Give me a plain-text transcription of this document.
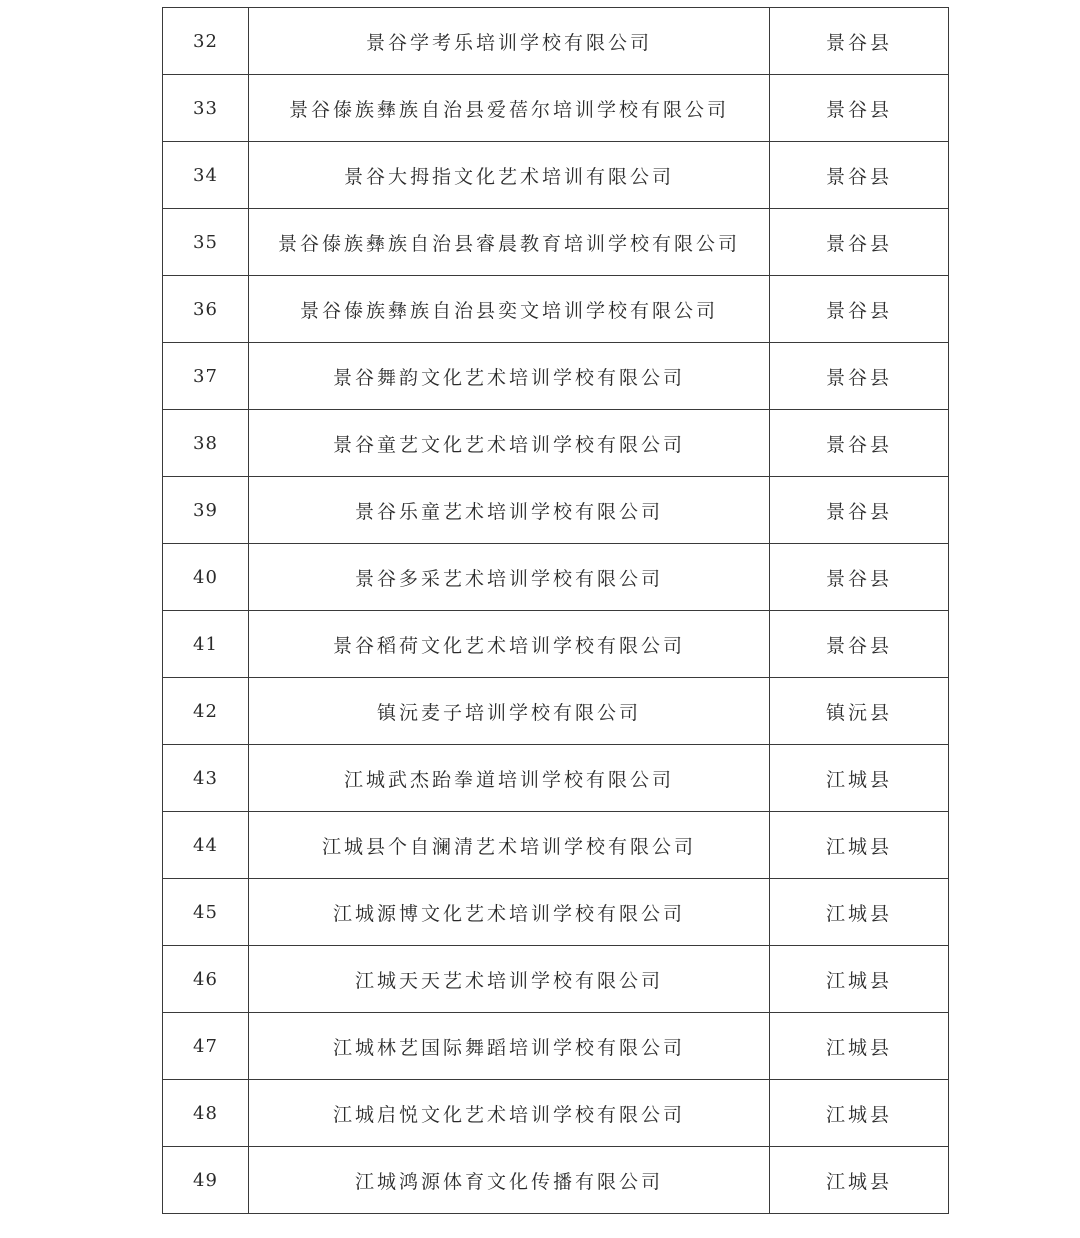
32	景谷学考乐培训学校有限公司	景谷县
33	景谷傣族彝族自治县爱蓓尔培训学校有限公司	景谷县
34	景谷大拇指文化艺术培训有限公司	景谷县
35	景谷傣族彝族自治县睿晨教育培训学校有限公司	景谷县
36	景谷傣族彝族自治县奕文培训学校有限公司	景谷县
37	景谷舞韵文化艺术培训学校有限公司	景谷县
38	景谷童艺文化艺术培训学校有限公司	景谷县
39	景谷乐童艺术培训学校有限公司	景谷县
40	景谷多采艺术培训学校有限公司	景谷县
41	景谷稻荷文化艺术培训学校有限公司	景谷县
42	镇沅麦子培训学校有限公司	镇沅县
43	江城武杰跆拳道培训学校有限公司	江城县
44	江城县个自澜清艺术培训学校有限公司	江城县
45	江城源博文化艺术培训学校有限公司	江城县
46	江城天天艺术培训学校有限公司	江城县
47	江城林艺国际舞蹈培训学校有限公司	江城县
48	江城启悦文化艺术培训学校有限公司	江城县
49	江城鸿源体育文化传播有限公司	江城县
